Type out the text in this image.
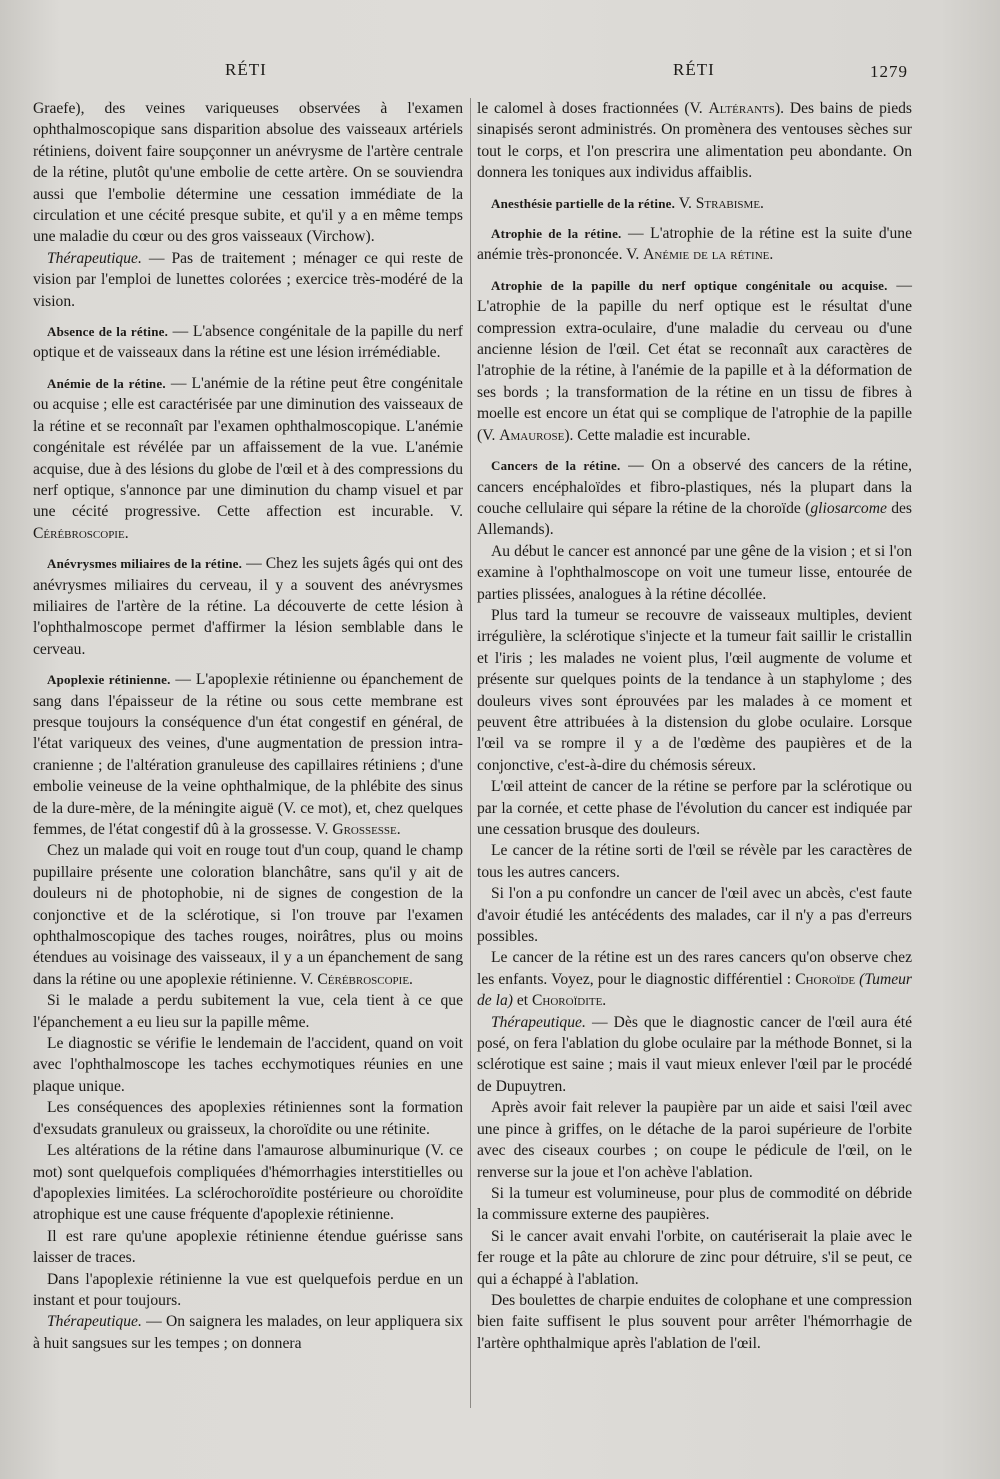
RÉTI	RÉTI	1279

Graefe), des veines variqueuses observées à l'examen ophthalmoscopique sans disparition absolue des vaisseaux artériels rétiniens, doivent faire soupçonner un anévrysme de l'artère centrale de la rétine, plutôt qu'une embolie de cette artère. On se souviendra aussi que l'embolie détermine une cessation immédiate de la circulation et une cécité presque subite, et qu'il y a en même temps une maladie du cœur ou des gros vaisseaux (Virchow).

Thérapeutique. — Pas de traitement ; ménager ce qui reste de vision par l'emploi de lunettes colorées ; exercice très-modéré de la vision.

Absence de la rétine. — L'absence congénitale de la papille du nerf optique et de vaisseaux dans la rétine est une lésion irrémédiable.

Anémie de la rétine. — L'anémie de la rétine peut être congénitale ou acquise ; elle est caractérisée par une diminution des vaisseaux de la rétine et se reconnaît par l'examen ophthalmoscopique. L'anémie congénitale est révélée par un affaissement de la vue. L'anémie acquise, due à des lésions du globe de l'œil et à des compressions du nerf optique, s'annonce par une diminution du champ visuel et par une cécité progressive. Cette affection est incurable. V. Cérébroscopie.

Anévrysmes miliaires de la rétine. — Chez les sujets âgés qui ont des anévrysmes miliaires du cerveau, il y a souvent des anévrysmes miliaires de l'artère de la rétine. La découverte de cette lésion à l'ophthalmoscope permet d'affirmer la lésion semblable dans le cerveau.

Apoplexie rétinienne. — L'apoplexie rétinienne ou épanchement de sang dans l'épaisseur de la rétine ou sous cette membrane est presque toujours la conséquence d'un état congestif en général, de l'état variqueux des veines, d'une augmentation de pression intra-cranienne ; de l'altération granuleuse des capillaires rétiniens ; d'une embolie veineuse de la veine ophthalmique, de la phlébite des sinus de la dure-mère, de la méningite aiguë (V. ce mot), et, chez quelques femmes, de l'état congestif dû à la grossesse. V. Grossesse.

Chez un malade qui voit en rouge tout d'un coup, quand le champ pupillaire présente une coloration blanchâtre, sans qu'il y ait de douleurs ni de photophobie, ni de signes de congestion de la conjonctive et de la sclérotique, si l'on trouve par l'examen ophthalmoscopique des taches rouges, noirâtres, plus ou moins étendues au voisinage des vaisseaux, il y a un épanchement de sang dans la rétine ou une apoplexie rétinienne. V. Cérébroscopie.

Si le malade a perdu subitement la vue, cela tient à ce que l'épanchement a eu lieu sur la papille même.

Le diagnostic se vérifie le lendemain de l'accident, quand on voit avec l'ophthalmoscope les taches ecchymotiques réunies en une plaque unique.

Les conséquences des apoplexies rétiniennes sont la formation d'exsudats granuleux ou graisseux, la choroïdite ou une rétinite.

Les altérations de la rétine dans l'amaurose albuminurique (V. ce mot) sont quelquefois compliquées d'hémorrhagies interstitielles ou d'apoplexies limitées. La sclérochoroïdite postérieure ou choroïdite atrophique est une cause fréquente d'apoplexie rétinienne.

Il est rare qu'une apoplexie rétinienne étendue guérisse sans laisser de traces.

Dans l'apoplexie rétinienne la vue est quelquefois perdue en un instant et pour toujours.

Thérapeutique. — On saignera les malades, on leur appliquera six à huit sangsues sur les tempes ; on donnera

le calomel à doses fractionnées (V. Altérants). Des bains de pieds sinapisés seront administrés. On promènera des ventouses sèches sur tout le corps, et l'on prescrira une alimentation peu abondante. On donnera les toniques aux individus affaiblis.

Anesthésie partielle de la rétine. V. Strabisme.

Atrophie de la rétine. — L'atrophie de la rétine est la suite d'une anémie très-prononcée. V. Anémie de la rétine.

Atrophie de la papille du nerf optique congénitale ou acquise. — L'atrophie de la papille du nerf optique est le résultat d'une compression extra-oculaire, d'une maladie du cerveau ou d'une ancienne lésion de l'œil. Cet état se reconnaît aux caractères de l'atrophie de la rétine, à l'anémie de la papille et à la déformation de ses bords ; la transformation de la rétine en un tissu de fibres à moelle est encore un état qui se complique de l'atrophie de la papille (V. Amaurose). Cette maladie est incurable.

Cancers de la rétine. — On a observé des cancers de la rétine, cancers encéphaloïdes et fibro-plastiques, nés la plupart dans la couche cellulaire qui sépare la rétine de la choroïde (gliosarcome des Allemands).

Au début le cancer est annoncé par une gêne de la vision ; et si l'on examine à l'ophthalmoscope on voit une tumeur lisse, entourée de parties plissées, analogues à la rétine décollée.

Plus tard la tumeur se recouvre de vaisseaux multiples, devient irrégulière, la sclérotique s'injecte et la tumeur fait saillir le cristallin et l'iris ; les malades ne voient plus, l'œil augmente de volume et présente sur quelques points de la tendance à un staphylome ; des douleurs vives sont éprouvées par les malades à ce moment et peuvent être attribuées à la distension du globe oculaire. Lorsque l'œil va se rompre il y a de l'œdème des paupières et de la conjonctive, c'est-à-dire du chémosis séreux.

L'œil atteint de cancer de la rétine se perfore par la sclérotique ou par la cornée, et cette phase de l'évolution du cancer est indiquée par une cessation brusque des douleurs.

Le cancer de la rétine sorti de l'œil se révèle par les caractères de tous les autres cancers.

Si l'on a pu confondre un cancer de l'œil avec un abcès, c'est faute d'avoir étudié les antécédents des malades, car il n'y a pas d'erreurs possibles.

Le cancer de la rétine est un des rares cancers qu'on observe chez les enfants. Voyez, pour le diagnostic différentiel : Choroïde (Tumeur de la) et Choroïdite.

Thérapeutique. — Dès que le diagnostic cancer de l'œil aura été posé, on fera l'ablation du globe oculaire par la méthode Bonnet, si la sclérotique est saine ; mais il vaut mieux enlever l'œil par le procédé de Dupuytren.

Après avoir fait relever la paupière par un aide et saisi l'œil avec une pince à griffes, on le détache de la paroi supérieure de l'orbite avec des ciseaux courbes ; on coupe le pédicule de l'œil, on le renverse sur la joue et l'on achève l'ablation.

Si la tumeur est volumineuse, pour plus de commodité on débride la commissure externe des paupières.

Si le cancer avait envahi l'orbite, on cautériserait la plaie avec le fer rouge et la pâte au chlorure de zinc pour détruire, s'il se peut, ce qui a échappé à l'ablation.

Des boulettes de charpie enduites de colophane et une compression bien faite suffisent le plus souvent pour arrêter l'hémorrhagie de l'artère ophthalmique après l'ablation de l'œil.
